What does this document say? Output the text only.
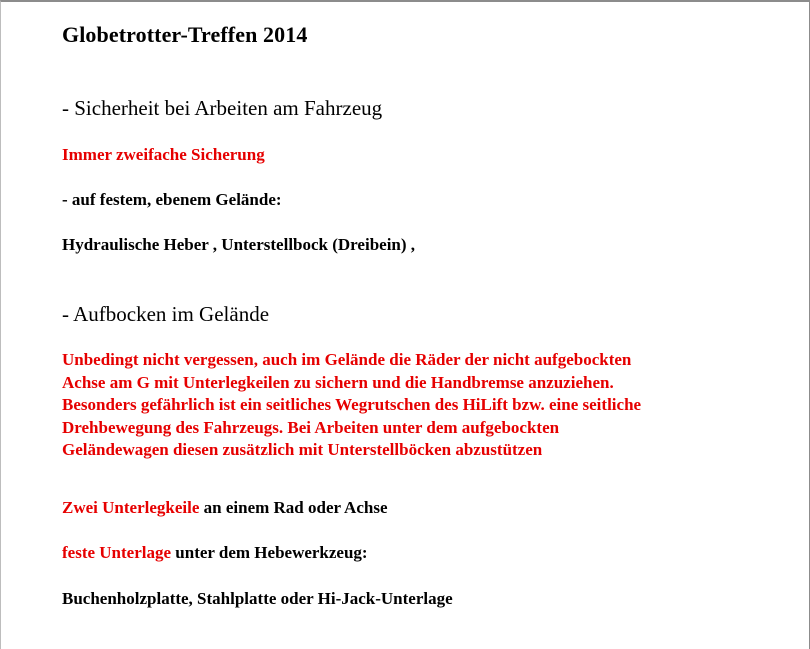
Globetrotter-Treffen 2014
- Sicherheit bei Arbeiten am Fahrzeug
Immer zweifache Sicherung
- auf festem, ebenem Gelände:
Hydraulische Heber , Unterstellbock (Dreibein) ,
- Aufbocken im Gelände
Unbedingt nicht vergessen, auch im Gelände die Räder der nicht aufgebockten
Achse am G mit Unterlegkeilen zu sichern und die Handbremse anzuziehen.
Besonders gefährlich ist ein seitliches Wegrutschen des HiLift bzw. eine seitliche
Drehbewegung des Fahrzeugs. Bei Arbeiten unter dem aufgebockten
Geländewagen diesen zusätzlich mit Unterstellböcken abzustützen
Zwei Unterlegkeile an einem Rad oder Achse
feste Unterlage unter dem Hebewerkzeug:
Buchenholzplatte, Stahlplatte oder Hi-Jack-Unterlage
